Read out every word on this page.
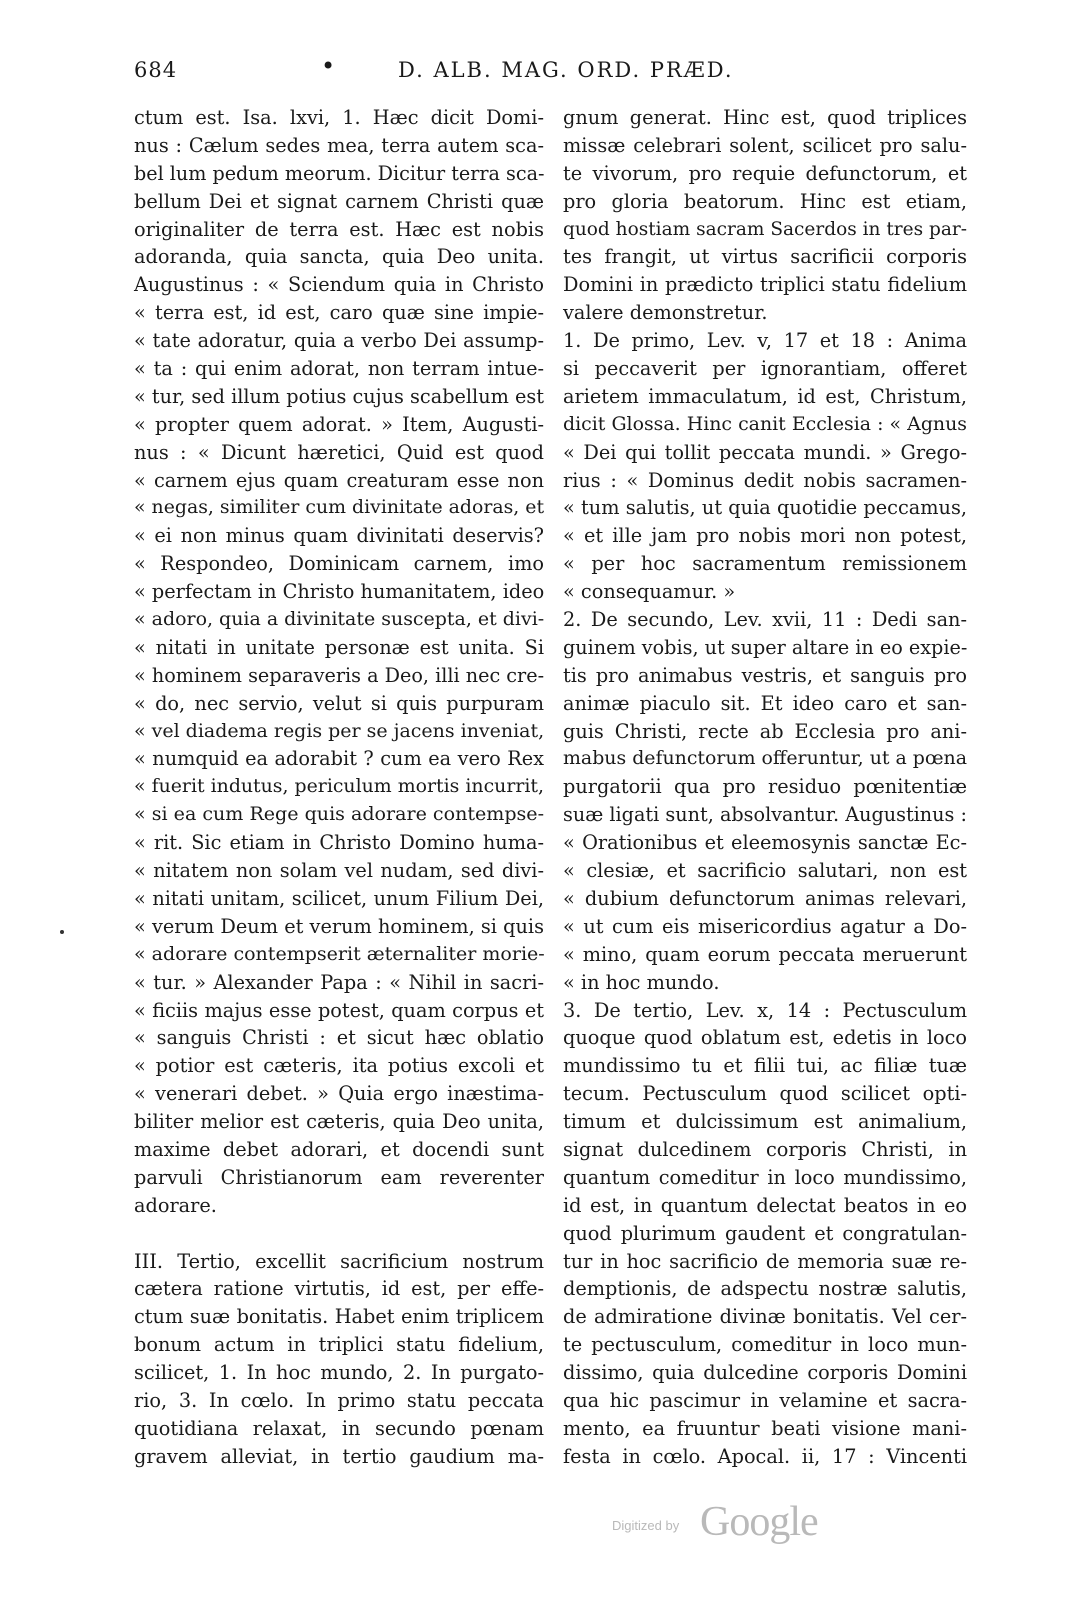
684	•	D. ALB. MAG. ORD. PRÆD.
ctum est. Isa. lxvi, 1. Hæc dicit Domi-
nus : Cælum sedes mea, terra autem sca-
bel lum pedum meorum. Dicitur terra sca-
bellum Dei et signat carnem Christi quæ
originaliter de terra est. Hæc est nobis
adoranda, quia sancta, quia Deo unita.
Augustinus : « Sciendum quia in Christo
« terra est, id est, caro quæ sine impie-
« tate adoratur, quia a verbo Dei assump-
« ta : qui enim adorat, non terram intue-
« tur, sed illum potius cujus scabellum est
« propter quem adorat. » Item, Augusti-
nus : « Dicunt hæretici, Quid est quod
« carnem ejus quam creaturam esse non
« negas, similiter cum divinitate adoras, et
« ei non minus quam divinitati deservis?
« Respondeo, Dominicam carnem, imo
« perfectam in Christo humanitatem, ideo
« adoro, quia a divinitate suscepta, et divi-
« nitati in unitate personæ est unita. Si
« hominem separaveris a Deo, illi nec cre-
« do, nec servio, velut si quis purpuram
« vel diadema regis per se jacens inveniat,
« numquid ea adorabit ? cum ea vero Rex
« fuerit indutus, periculum mortis incurrit,
« si ea cum Rege quis adorare contempse-
« rit. Sic etiam in Christo Domino huma-
« nitatem non solam vel nudam, sed divi-
« nitati unitam, scilicet, unum Filium Dei,
« verum Deum et verum hominem, si quis
« adorare contempserit æternaliter morie-
« tur. » Alexander Papa : « Nihil in sacri-
« ficiis majus esse potest, quam corpus et
« sanguis Christi : et sicut hæc oblatio
« potior est cæteris, ita potius excoli et
« venerari debet. » Quia ergo inæstima-
biliter melior est cæteris, quia Deo unita,
maxime debet adorari, et docendi sunt
parvuli Christianorum eam reverenter
adorare.
III. Tertio, excellit sacrificium nostrum
cætera ratione virtutis, id est, per effe-
ctum suæ bonitatis. Habet enim triplicem
bonum actum in triplici statu fidelium,
scilicet, 1. In hoc mundo, 2. In purgato-
rio, 3. In cœlo. In primo statu peccata
quotidiana relaxat, in secundo pœnam
gravem alleviat, in tertio gaudium ma-
gnum generat. Hinc est, quod triplices
missæ celebrari solent, scilicet pro salu-
te vivorum, pro requie defunctorum, et
pro gloria beatorum. Hinc est etiam,
quod hostiam sacram Sacerdos in tres par-
tes frangit, ut virtus sacrificii corporis
Domini in prædicto triplici statu fidelium
valere demonstretur.
1. De primo, Lev. v, 17 et 18 : Anima
si peccaverit per ignorantiam, offeret
arietem immaculatum, id est, Christum,
dicit Glossa. Hinc canit Ecclesia : « Agnus
« Dei qui tollit peccata mundi. » Grego-
rius : « Dominus dedit nobis sacramen-
« tum salutis, ut quia quotidie peccamus,
« et ille jam pro nobis mori non potest,
« per hoc sacramentum remissionem
« consequamur. »
2. De secundo, Lev. xvii, 11 : Dedi san-
guinem vobis, ut super altare in eo expie-
tis pro animabus vestris, et sanguis pro
animæ piaculo sit. Et ideo caro et san-
guis Christi, recte ab Ecclesia pro ani-
mabus defunctorum offeruntur, ut a pœna
purgatorii qua pro residuo pœnitentiæ
suæ ligati sunt, absolvantur. Augustinus :
« Orationibus et eleemosynis sanctæ Ec-
« clesiæ, et sacrificio salutari, non est
« dubium defunctorum animas relevari,
« ut cum eis misericordius agatur a Do-
« mino, quam eorum peccata meruerunt
« in hoc mundo.
3. De tertio, Lev. x, 14 : Pectusculum
quoque quod oblatum est, edetis in loco
mundissimo tu et filii tui, ac filiæ tuæ
tecum. Pectusculum quod scilicet opti-
timum et dulcissimum est animalium,
signat dulcedinem corporis Christi, in
quantum comeditur in loco mundissimo,
id est, in quantum delectat beatos in eo
quod plurimum gaudent et congratulan-
tur in hoc sacrificio de memoria suæ re-
demptionis, de adspectu nostræ salutis,
de admiratione divinæ bonitatis. Vel cer-
te pectusculum, comeditur in loco mun-
dissimo, quia dulcedine corporis Domini
qua hic pascimur in velamine et sacra-
mento, ea fruuntur beati visione mani-
festa in cœlo. Apocal. ii, 17 : Vincenti
Digitized by Google
